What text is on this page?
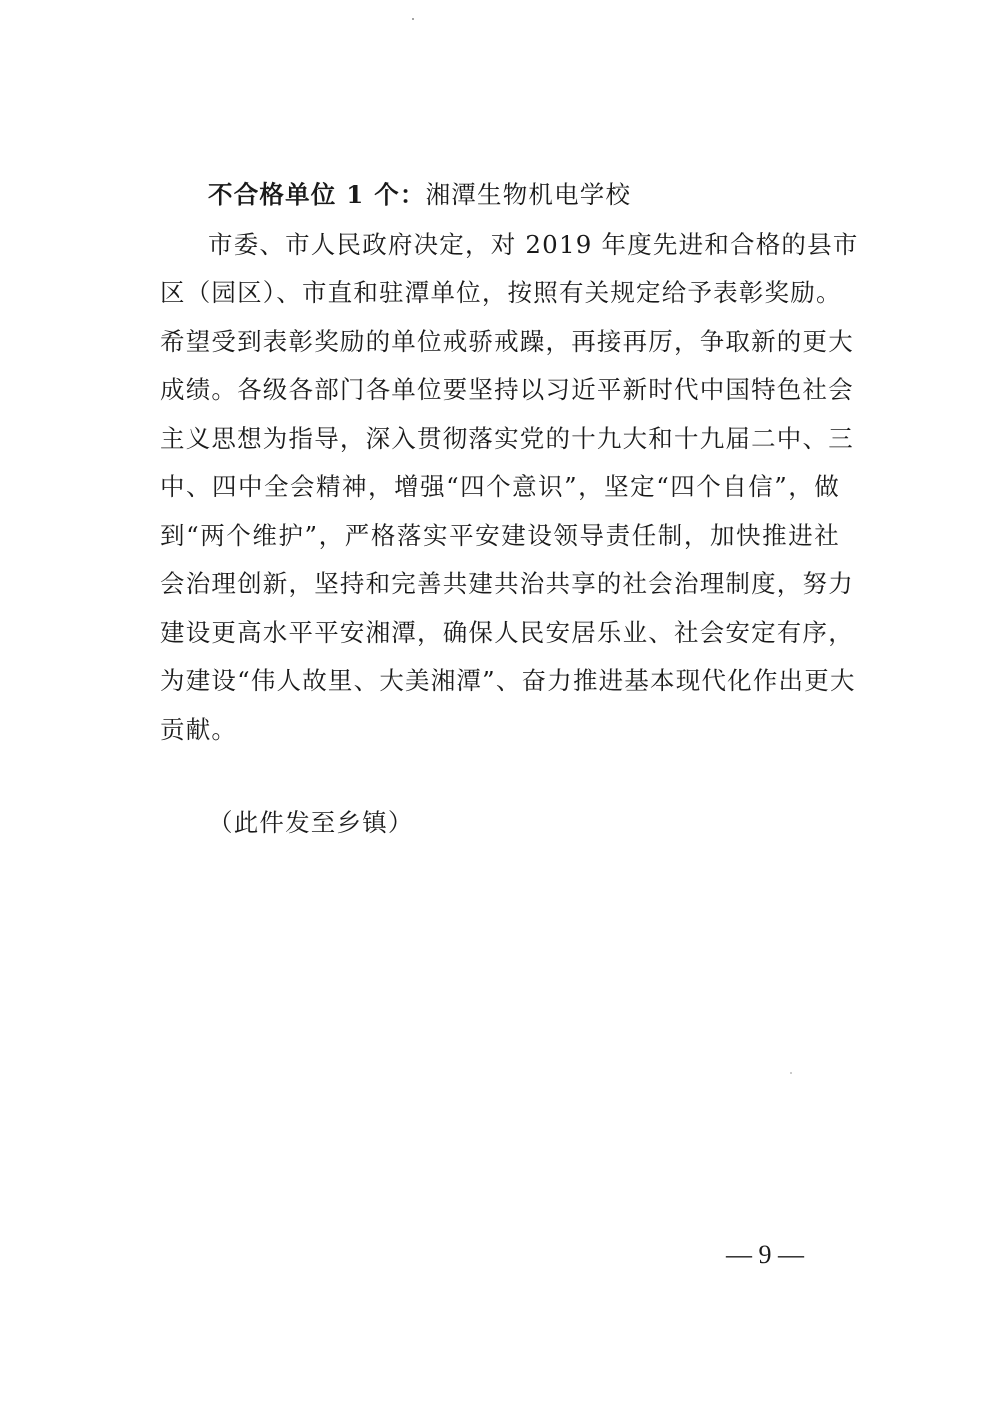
不合格单位 1 个：湘潭生物机电学校
市委、市人民政府决定，对 2019 年度先进和合格的县市
区（园区）、市直和驻潭单位，按照有关规定给予表彰奖励。
希望受到表彰奖励的单位戒骄戒躁，再接再厉，争取新的更大
成绩。各级各部门各单位要坚持以习近平新时代中国特色社会
主义思想为指导，深入贯彻落实党的十九大和十九届二中、三
中、四中全会精神，增强“四个意识”，坚定“四个自信”，做
到“两个维护”，严格落实平安建设领导责任制，加快推进社
会治理创新，坚持和完善共建共治共享的社会治理制度，努力
建设更高水平平安湘潭，确保人民安居乐业、社会安定有序，
为建设“伟人故里、大美湘潭”、奋力推进基本现代化作出更大
贡献。
（此件发至乡镇）
— 9 —
